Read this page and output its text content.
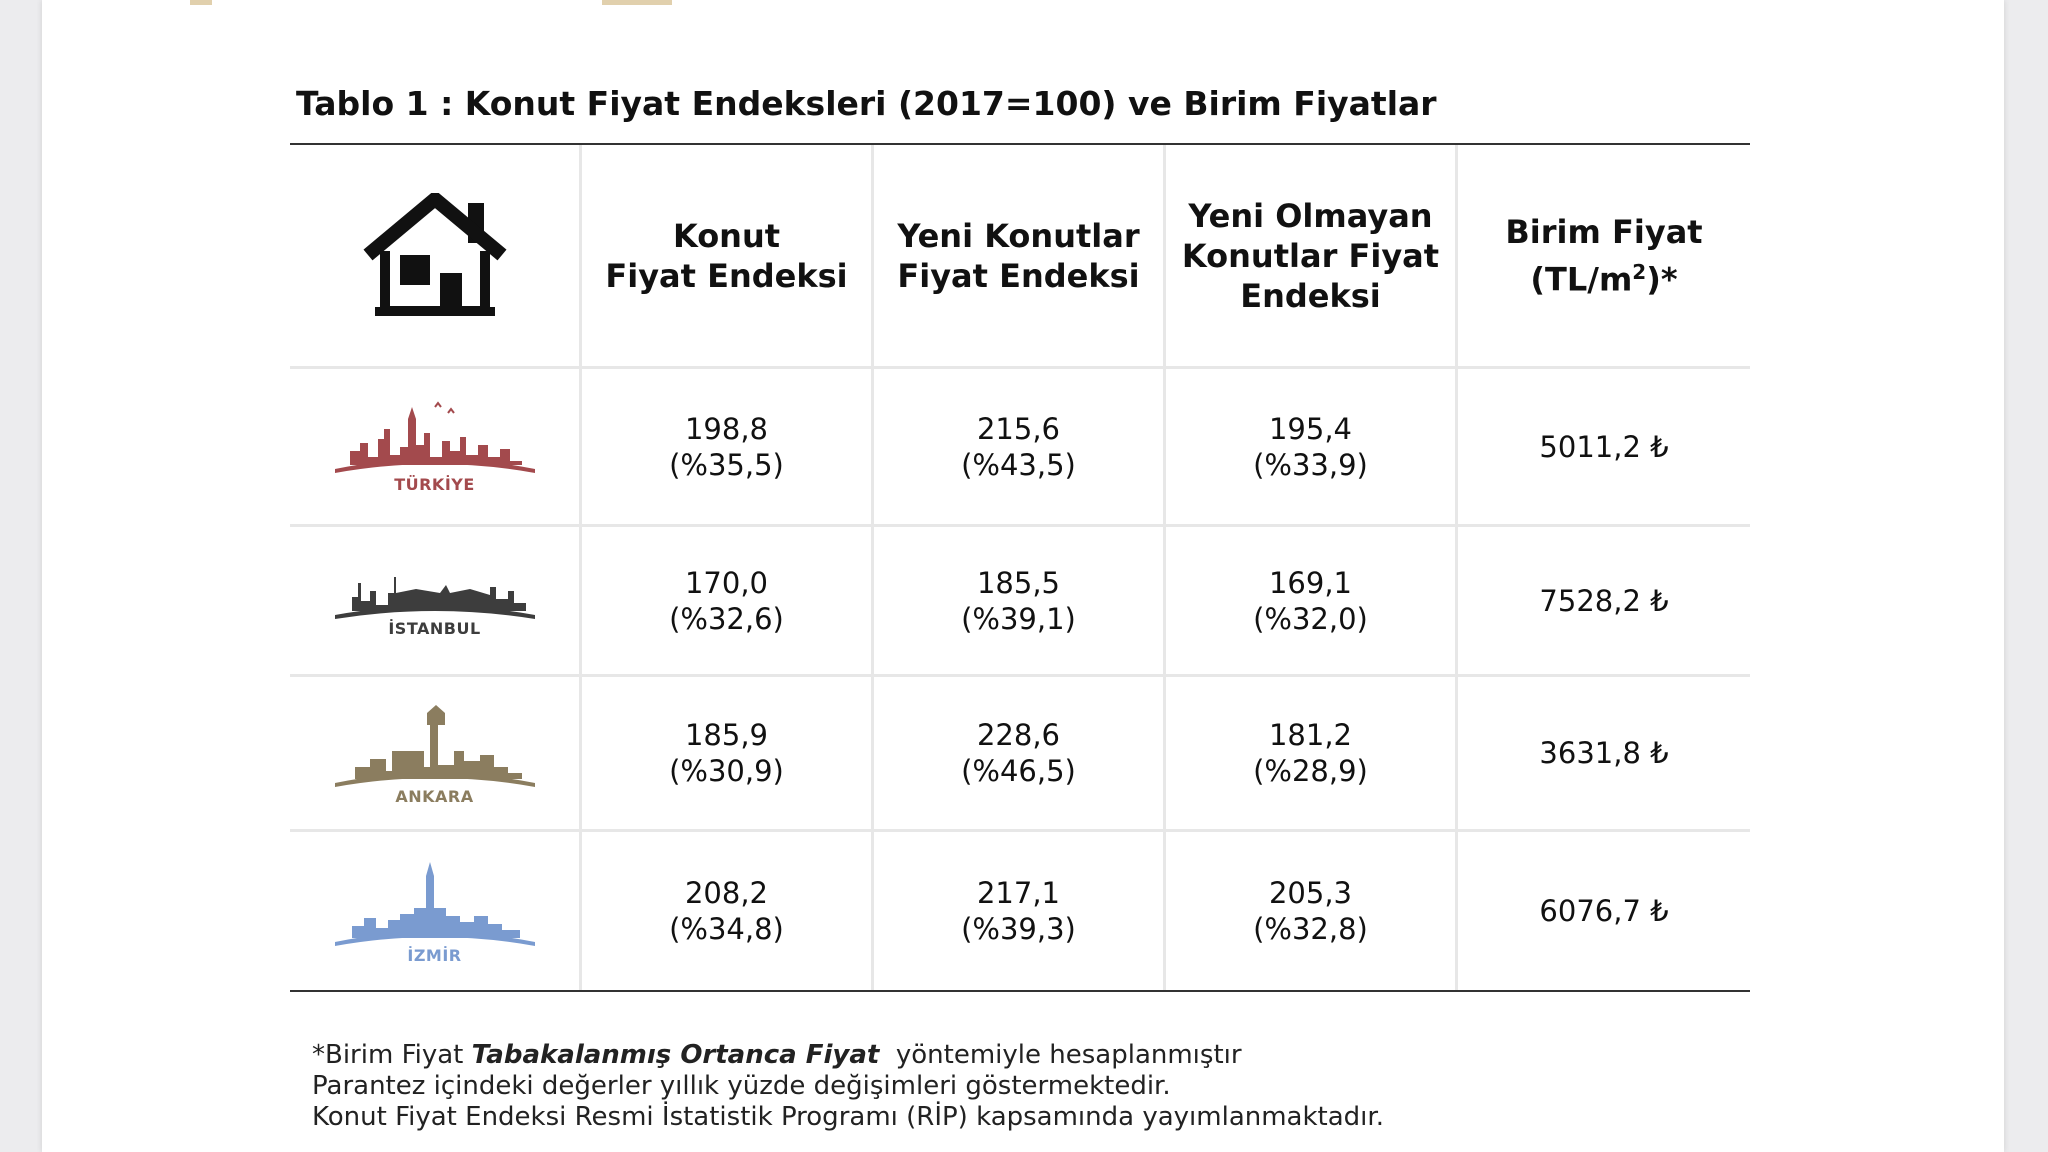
Tablo 1 : Konut Fiyat Endeksleri (2017=100) ve Birim Fiyatlar
Konut
Fiyat Endeksi
Yeni Konutlar
Fiyat Endeksi
Yeni Olmayan
Konutlar Fiyat
Endeksi
Birim Fiyat
$(TL/m^2)*$
TÜRKİYE
198,8
(%35,5)
215,6
(%43,5)
195,4
(%33,9)
5011,2 ₺
İSTANBUL
170,0
(%32,6)
185,5
(%39,1)
169,1
(%32,0)
7528,2 ₺
ANKARA
185,9
(%30,9)
228,6
(%46,5)
181,2
(%28,9)
3631,8 ₺
İZMİR
208,2
(%34,8)
217,1
(%39,3)
205,3
(%32,8)
6076,7 ₺
*Birim Fiyat Tabakalanmış Ortanca Fiyat  yöntemiyle hesaplanmıştır
Parantez içindeki değerler yıllık yüzde değişimleri göstermektedir.
Konut Fiyat Endeksi Resmi İstatistik Programı (RİP) kapsamında yayımlanmaktadır.
